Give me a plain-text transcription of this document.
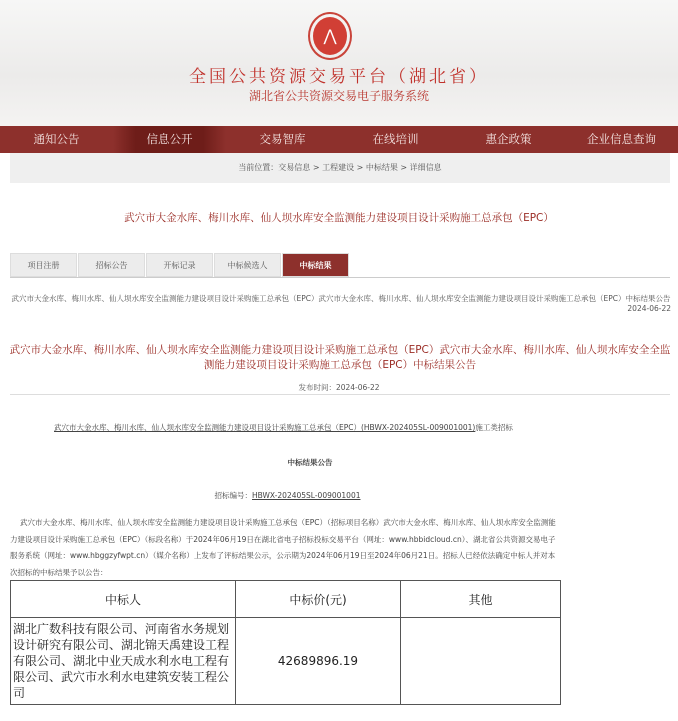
⋀
全国公共资源交易平台（湖北省）
湖北省公共资源交易电子服务系统
通知公告	信息公开	交易智库	在线培训	惠企政策	企业信息查询
当前位置：交易信息 > 工程建设 > 中标结果 > 详细信息
武穴市大金水库、梅川水库、仙人坝水库安全监测能力建设项目设计采购施工总承包（EPC）
项目注册	招标公告	开标记录	中标候选人	中标结果
武穴市大金水库、梅川水库、仙人坝水库安全监测能力建设项目设计采购施工总承包（EPC）武穴市大金水库、梅川水库、仙人坝水库安全监测能力建设项目设计采购施工总承包（EPC）中标结果公告
2024-06-22
武穴市大金水库、梅川水库、仙人坝水库安全监测能力建设项目设计采购施工总承包（EPC）武穴市大金水库、梅川水库、仙人坝水库安全全监测能力建设项目设计采购施工总承包（EPC）中标结果公告
发布时间：2024-06-22
武穴市大金水库、梅川水库、仙人坝水库安全监测能力建设项目设计采购施工总承包（EPC）(HBWX-202405SL-009001001)施工类招标
中标结果公告
招标编号：HBWX-202405SL-009001001
武穴市大金水库、梅川水库、仙人坝水库安全监测能力建设项目设计采购施工总承包（EPC）（招标项目名称）武穴市大金水库、梅川水库、仙人坝水库安全监测能力建设项目设计采购施工总承包（EPC）（标段名称）于2024年06月19日在湖北省电子招标投标交易平台（网址：www.hbbidcloud.cn）、湖北省公共资源交易电子服务系统（网址：www.hbggzyfwpt.cn）（媒介名称）上发布了评标结果公示，公示期为2024年06月19日至2024年06月21日。招标人已经依法确定中标人并对本次招标的中标结果予以公告：
中标人	中标价(元)	其他
湖北广数科技有限公司、河南省水务规划设计研究有限公司、湖北锦天禹建设工程有限公司、湖北中业天成水利水电工程有限公司、武穴市水利水电建筑安装工程公司	42689896.19	
